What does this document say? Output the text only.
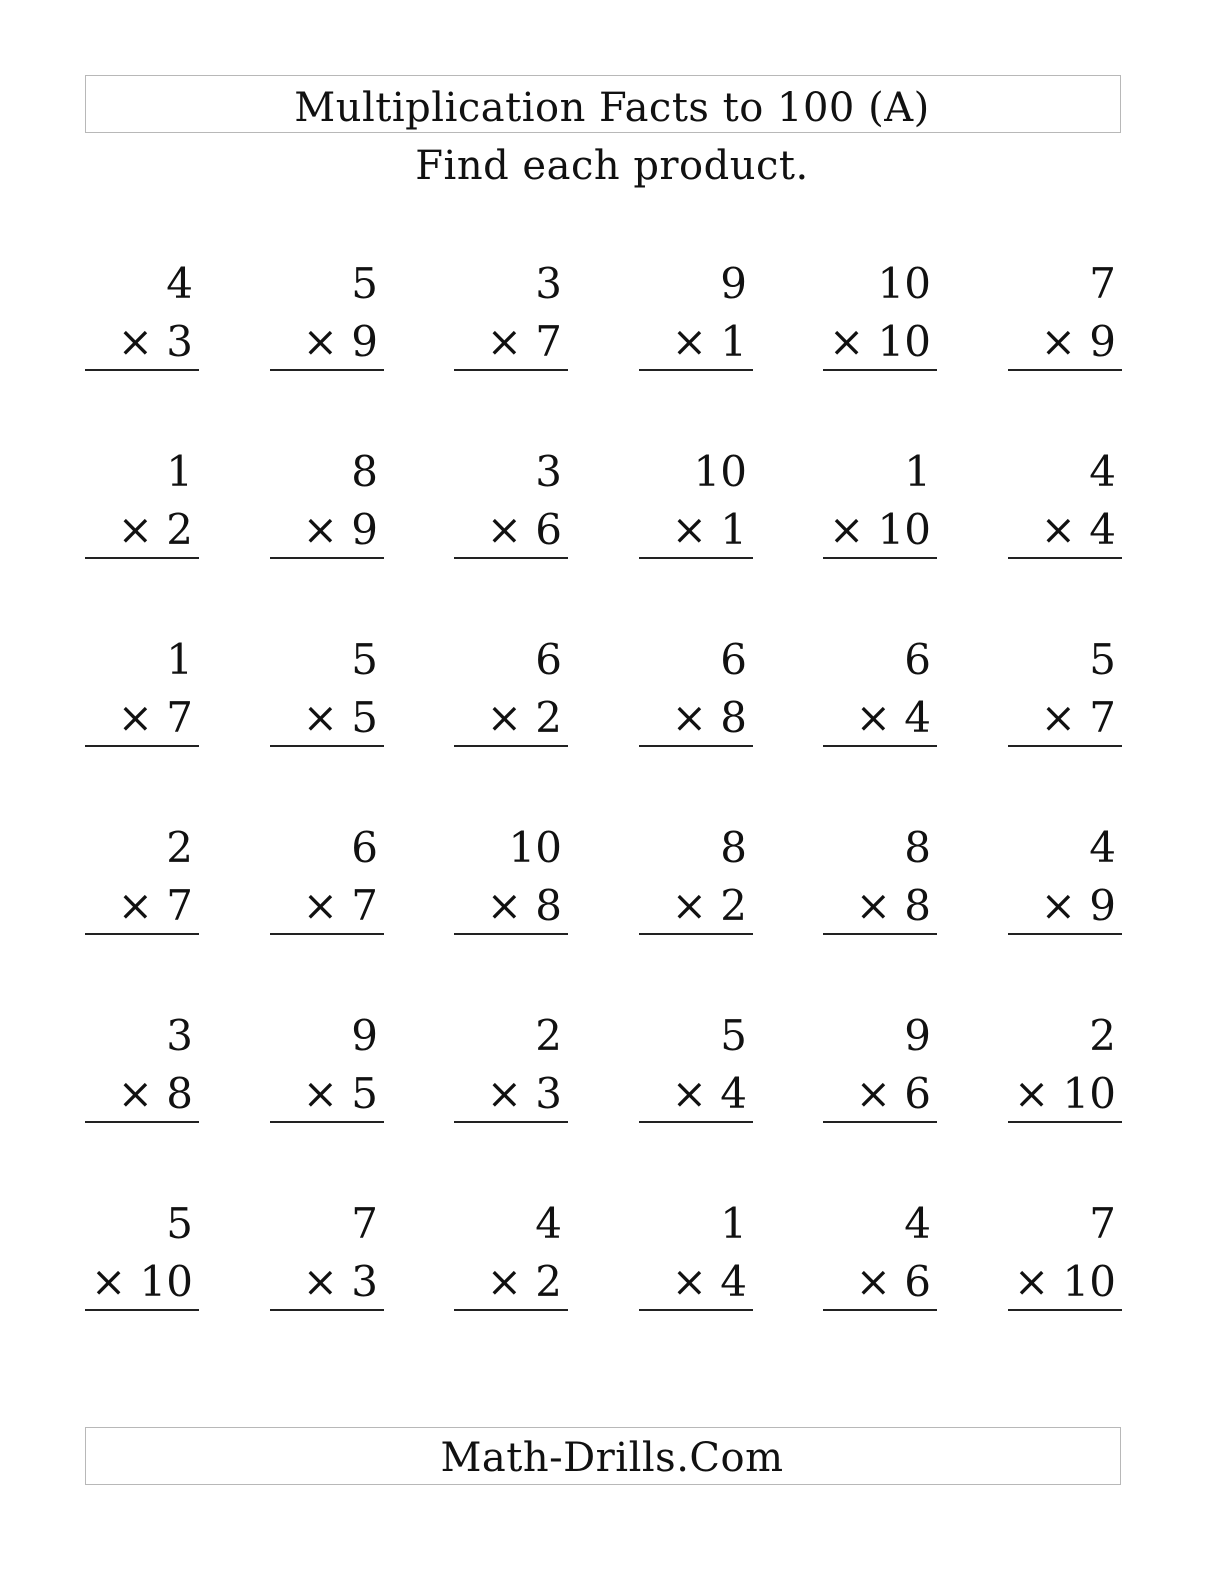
Multiplication Facts to 100 (A)
Find each product.
4
× 3
5
× 9
3
× 7
9
× 1
10
× 10
7
× 9
1
× 2
8
× 9
3
× 6
10
× 1
1
× 10
4
× 4
1
× 7
5
× 5
6
× 2
6
× 8
6
× 4
5
× 7
2
× 7
6
× 7
10
× 8
8
× 2
8
× 8
4
× 9
3
× 8
9
× 5
2
× 3
5
× 4
9
× 6
2
× 10
5
× 10
7
× 3
4
× 2
1
× 4
4
× 6
7
× 10
Math-Drills.Com
